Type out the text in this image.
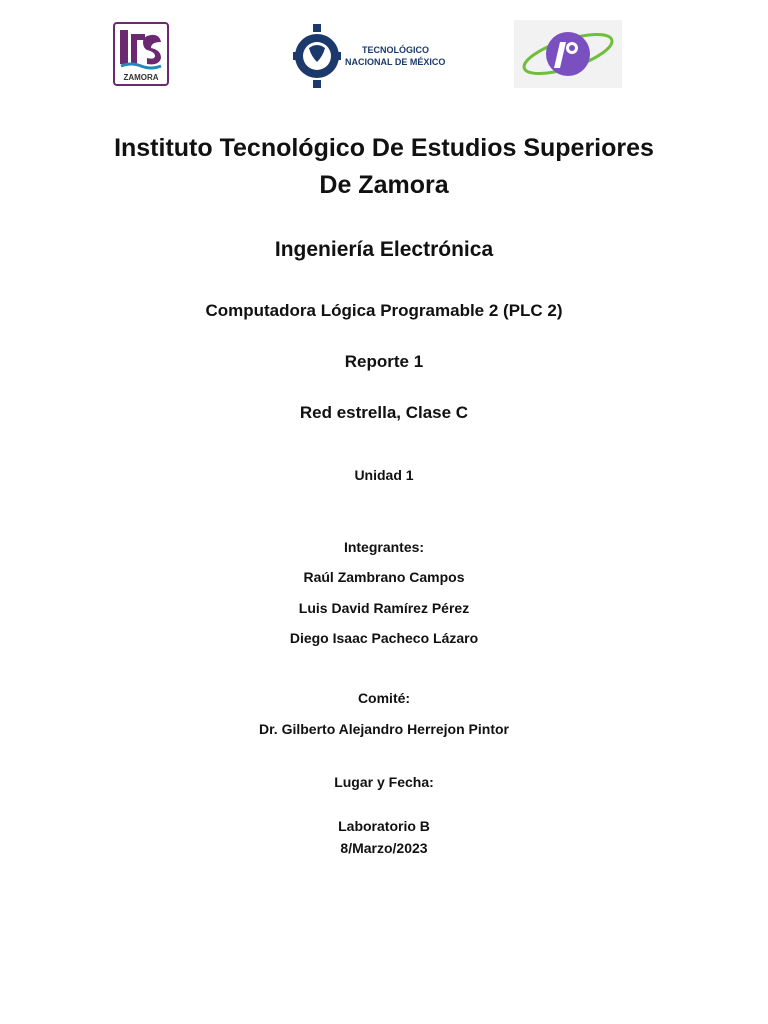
ZAMORA
TECNOLÓGICO
NACIONAL DE MÉXICO
Instituto Tecnológico De Estudios Superiores De Zamora
Ingeniería Electrónica
Computadora Lógica Programable 2 (PLC 2)
Reporte 1
Red estrella, Clase C
Unidad 1
Integrantes:
Raúl Zambrano Campos
Luis David Ramírez Pérez
Diego Isaac Pacheco Lázaro
Comité:
Dr. Gilberto Alejandro Herrejon Pintor
Lugar y Fecha:
Laboratorio B
8/Marzo/2023
